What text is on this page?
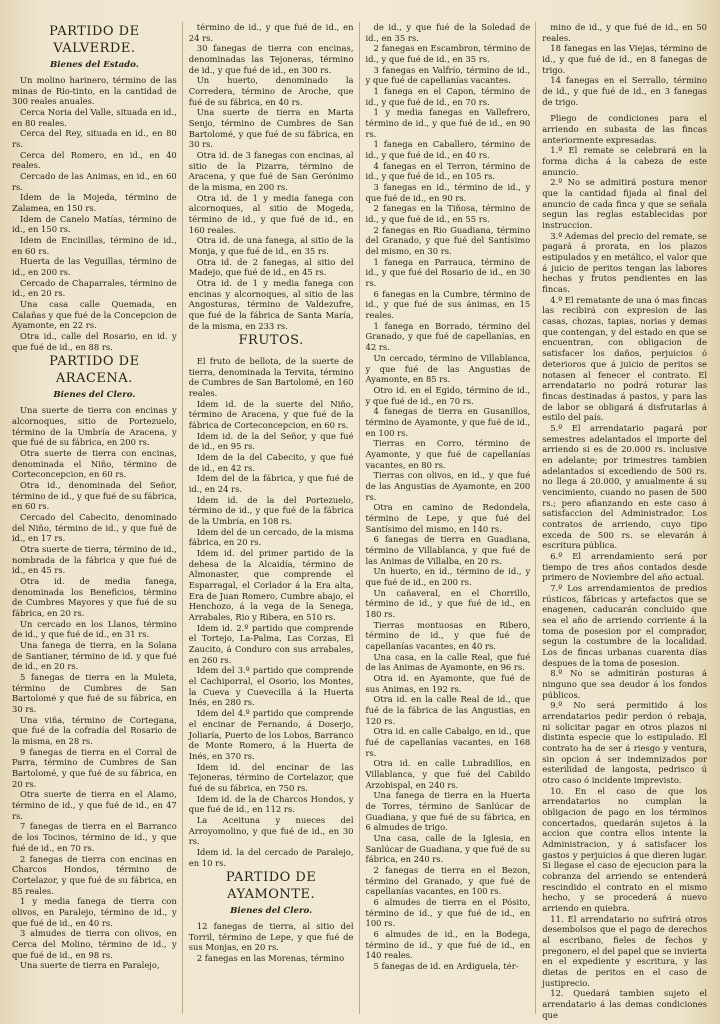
PARTIDO DE VALVERDE.
Bienes del Estado.

Un molino harinero, término de las minas de Rio-tinto, en la cantidad de 300 reales anuales.

Cerca Noria del Valle, situada en id., en 80 reales.

Cerca del Rey, situada en id., en 80 rs.

Cerca del Romero, en id., en 40 reales.

Cercado de las Animas, en id., en 60 rs.

Idem de la Mojeda, término de Zalamea, en 150 rs.

Idem de Canelo Matías, término de id., en 150 rs.

Idem de Encinillas, término de id., en 60 rs.

Huerta de las Veguillas, término de id., en 200 rs.

Cercado de Chaparrales, término de id., en 20 rs.

Una casa calle Quemada, en Calañas y que fué de la Concepcion de Ayamonte, en 22 rs.

Otra id., calle del Rosario, en id. y que fué de id., en 88 rs.

PARTIDO DE ARACENA.
Bienes del Clero.

Una suerte de tierra con encinas y alcornoques, sitio de Portezuelo, término de la Umbría de Aracena, y que fué de su fábrica, en 200 rs.

Otra suerte de tierra con encinas, denominada el Niño, término de Corteconcepcion, en 60 rs.

Otra id., denominada del Señor, término de id., y que fué de su fábrica, en 60 rs.

Cercado del Cabecito, denominado del Niño, término de id., y que fué de id., en 17 rs.

Otra suerte de tierra, término de id., nombrada de la fábrica y que fué de id., en 45 rs.

Otra id. de media fanega, denominada los Beneficios, término de Cumbres Mayores y que fué de su fábrica, en 20 rs.

Un cercado en los Llanos, término de id., y que fué de id., en 31 rs.

Una fanega de tierra, en la Solana de Santianer, término de id. y que fué de id., en 20 rs.

5 fanegas de tierra en la Muleta, término de Cumbres de San Bartolomé y que fué de su fábrica, en 30 rs.

Una viña, término de Cortegana, que fué de la cofradía del Rosario de la misma, en 28 rs.

9 fanegas de tierra en el Corral de Parra, término de Cumbres de San Bartolomé, y que fué de su fábrica, en 20 rs.

Otra suerte de tierra en el Alamo, término de id., y que fué de id., en 47 rs.

7 fanegas de tierra en el Barranco de los Tocinos, término de id., y que fué de id., en 70 rs.

2 fanegas de tierra con encinas en Charcos Hondos, término de Cortelazor, y que fué de su fábrica, en 85 reales.

1 y media fanega de tierra con olivos, en Paralejo, término de id., y que fué de id., en 40 rs.

3 almudes de tierra con olivos, en Cerca del Molino, término de id., y que fué de id., en 98 rs.

Una suerte de tierra en Paralejo,

término de id., y que fué de id., en 24 rs.

30 fanegas de tierra con encinas, denominadas las Tejoneras, término de id., y que fué de id., en 300 rs.

Un huerto, denominado la Corredera, término de Aroche, que fué de su fábrica, en 40 rs.

Una suerte de tierra en Marta Senjo, término de Cumbres de San Bartolomé, y que fué de su fábrica, en 30 rs.

Otra id. de 3 fanegas con encinas, al sitio de la Pizarra, término de Aracena, y que fué de San Gerónimo de la misma, en 200 rs.

Otra id. de 1 y media fanega con alcornoques, al sitio de Mogeda, término de id., y que fué de id., en 160 reales.

Otra id. de una fanega, al sitio de la Monja, y que fué de id., en 35 rs.

Otra id. de 2 fanegas, al sitio del Madejo, que fué de id., en 45 rs.

Otra id. de 1 y media fanega con encinas y alcornoques, al sitio de las Angosturas, término de Valdezufre, que fué de la fábrica de Santa María, de la misma, en 233 rs.

FRUTOS.

El fruto de bellota, de la suerte de tierra, denominada la Tervita, término de Cumbres de San Bartolomé, en 160 reales.

Idem id. de la suerte del Niño, término de Aracena, y que fué de la fábrica de Corteconcepcion, en 60 rs.

Idem id. de la del Señor, y que fué de id., en 95 rs.

Idem de la del Cabecito, y que fué de id., en 42 rs.

Idem del de la fábrica, y que fué de id., en 24 rs.

Idem id. de la del Portezuelo, término de id., y que fué de la fábrica de la Umbría, en 108 rs.

Idem del de un cercado, de la misma fábrica, en 20 rs.

Idem id. del primer partido de la dehesa de la Alcaidía, término de Almonaster, que comprende el Esparragal, el Corlador á la Era alta, Era de Juan Romero, Cumbre abajo, el Henchozo, á la vega de la Senega, Arrabales, Rio y Ribera, en 510 rs.

Idem id. 2.º partido que comprende el Tortejo, La-Palma, Las Corzas, El Zaucito, á Conduro con sus arrabales, en 260 rs.

Idem del 3.º partido que comprende el Cachiporral, el Osorio, los Montes, la Cueva y Cuevecilla á la Huerta Inés, en 280 rs.

Idem del 4.º partido que comprende el encinar de Fernando, á Doserjo, Joliaría, Puerto de los Lobos, Barranco de Monte Romero, á la Huerta de Inés, en 370 rs.

Idem id. del encinar de las Tejoneras, término de Cortelazor, que fué de su fábrica, en 750 rs.

Idem id. de la de Charcos Hondos, y que fué de id., en 112 rs.

La Aceituna y nueces del Arroyomolino, y que fué de id., en 30 rs.

Idem id. la del cercado de Paralejo, en 10 rs.

PARTIDO DE AYAMONTE.
Bienes del Clero.

12 fanegas de tierra, al sitio del Torril, término de Lepe, y que fué de sus Monjas, en 20 rs.

2 fanegas en las Morenas, término

de id., y que fué de la Soledad de id., en 35 rs.

2 fanegas en Escambron, término de id., y que fué de id., en 35 rs.

3 fanegas en Valfrío, término de id., y que fué de capellanías vacantes.

1 fanega en el Capon, término de id., y que fué de id., en 70 rs.

1 y media fanegas en Vallefrero, término de id., y que fué de id., en 90 rs.

1 fanega en Caballero, término de id., y que fué de id., en 40 rs.

4 fanegas en el Terron, término de id., y que fué de id., en 105 rs.

3 fanegas en id., término de id., y que fué de id., en 90 rs.

2 fanegas en la Tiñosa, término de id., y que fué de id., en 55 rs.

2 fanegas en Rio Guadiana, término del Granado, y que fué del Santísimo del mismo, en 30 rs.

1 fanega en Parrauca, término de id., y que fué del Rosario de id., en 30 rs.

6 fanegas en la Cumbre, término de id., y que fué de sus ánimas, en 15 reales.

1 fanega en Borrado, término del Granado, y que fué de capellanías, en 42 rs.

Un cercado, término de Villablanca, y que fué de las Angustias de Ayamonte, en 85 rs.

Otro id. en el Egido, término de id., y que fué de id., en 70 rs.

4 fanegas de tierra en Gusanillos, término de Ayamonte, y que fué de id., en 100 rs.

Tierras en Corro, término de Ayamonte, y que fué de capellanías vacantes, en 80 rs.

Tierras con olivos, en id., y que fué de las Angustias de Ayamonte, en 200 rs.

Otra en camino de Redondela, término de Lepe, y que fué del Santísimo del mismo, en 140 rs.

6 fanegas de tierra en Guadiana, término de Villablanca, y que fué de las Animas de Villalba, en 20 rs.

Un huerto, en id., término de id., y que fué de id., en 200 rs.

Un cañaveral, en el Chorrillo, término de id., y que fué de id., en 180 rs.

Tierras montuosas en Ribero, término de id., y que fué de capellanías vacantes, en 40 rs.

Una casa, en la calle Real, que fué de las Animas de Ayamonte, en 96 rs.

Otra id. en Ayamonte, que fué de sus Animas, en 192 rs.

Otra id. en la calle Real de id., que fué de la fábrica de las Angustias, en 120 rs.

Otra id. en calle Cabalgo, en id., que fué de capellanías vacantes, en 168 rs.

Otra id. en calle Lubradillos, en Villablanca, y que fué del Cabildo Arzobispal, en 240 rs.

Una fanega de tierra en la Huerta de Torres, término de Sanlúcar de Guadiana, y que fué de su fábrica, en 6 almudes de trigo.

Una casa, calle de la Iglesia, en Sanlúcar de Guadiana, y que fué de su fábrica, en 240 rs.

2 fanegas de tierra en el Bezon, término del Granado, y que fué de capellanías vacantes, en 100 rs.

6 almudes de tierra en el Pósito, término de id., y que fué de id., en 100 rs.

6 almudes de id., en la Bodega, término de id., y que fué de id., en 140 reales.

5 fanegas de id. en Ardiguela, tér-

mino de id., y que fué de id., en 50 reales.

18 fanegas en las Viejas, término de id., y que fué de id., en 8 fanegas de trigo.

14 fanegas en el Serrallo, término de id., y que fué de id., en 3 fanegas de trigo.

Pliego de condiciones para el arriendo en subasta de las fincas anteriormente expresadas.

1.º El remate se celebrará en la forma dicha á la cabeza de este anuncio.

2.º No se admitirá postura menor que la cantidad fijada al final del anuncio de cada finca y que se señala segun las reglas establecidas por instruccion.

3.º Ademas del precio del remate, se pagará á prorata, en los plazos estipulados y en metálico, el valor que á juicio de peritos tengan las labores hechas y frutos pendientes en las fincas.

4.º El rematante de una ó mas fincas las recibirá con expresion de las casas, chozas, tapias, norias y demas que contengan, y del estado en que se encuentran, con obligacion de satisfacer los daños, perjuicios ó deterioros que á juicio de peritos se notasen al fenecer el contrato. El arrendatario no podrá roturar las fincas destinadas á pastos, y para las de labor se obligará á disfrutarlas á estilo del país.

5.º El arrendatario pagará por semestres adelantados el importe del arriendo si es de 20.000 rs. inclusive en adelante; por trimestres tambien adelantados si excediendo de 500 rs. no llega á 20.000, y anualmente á su vencimiento, cuando no pasen de 500 rs.; pero afianzando en este caso á satisfaccion del Administrador. Los contratos de arriendo, cuyo tipo exceda de 500 rs. se elevarán á escritura pública.

6.º El arrendamiento será por tiempo de tres años contados desde primero de Noviembre del año actual.

7.º Los arrendamientos de predios rústicos, fábricas y artefactos que se enagenen, caducarán concluido que sea el año de arriendo corriente á la toma de posesion por el comprador, segun la costumbre de la localidad. Los de fincas urbanas cuarenta días despues de la toma de posesion.

8.º No se admitirán posturas á ninguno que sea deudor á los fondos públicos.

9.º No será permitido á los arrendatarios pedir perdon ó rebaja, ni solicitar pagar en otros plazos ni distinta especie que lo estipulado. El contrato ha de ser á riesgo y ventura, sin opcion á ser indemnizados por esterilidad de langosta, pedrisco ú otro caso ó incidente imprevisto.

10. En el caso de que los arrendatarios no cumplan la obligacion de pago en los términos concertados, quedarán sujetos á la accion que contra ellos intente la Administracion, y á satisfacer los gastos y perjuicios á que dieren lugar. Si llegase el caso de ejecucion para la cobranza del arriendo se entenderá rescindido el contrato en el mismo hecho, y se procederá á nuevo arriendo en quiebra.

11. El arrendatario no sufrirá otros desembolsos que el pago de derechos al escribano, fieles de fechos y pregonero, el del papel que se invierta en el expediente y escritura, y las dietas de peritos en el caso de justiprecio.

12. Quedará tambien sujeto el arrendatario á las demas condiciones que
